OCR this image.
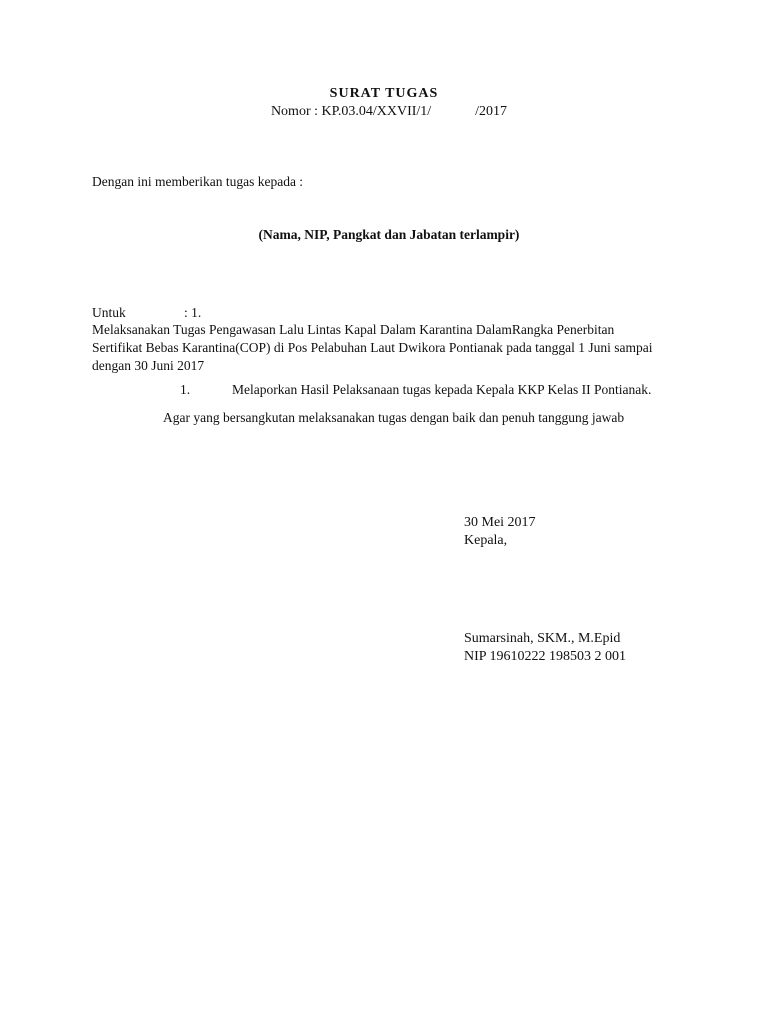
SURAT TUGAS
Nomor : KP.03.04/XXVII/1/	/2017
Dengan ini memberikan tugas kepada :
(Nama, NIP, Pangkat dan Jabatan terlampir)
Untuk	: 1.
Melaksanakan Tugas Pengawasan Lalu Lintas Kapal Dalam Karantina DalamRangka Penerbitan
Sertifikat Bebas Karantina(COP) di Pos Pelabuhan Laut Dwikora Pontianak pada tanggal 1 Juni sampai
dengan 30 Juni 2017
1.	Melaporkan Hasil Pelaksanaan tugas kepada Kepala KKP Kelas II Pontianak.
Agar yang bersangkutan melaksanakan tugas dengan baik dan penuh tanggung jawab
30 Mei 2017
Kepala,
Sumarsinah, SKM., M.Epid
NIP 19610222 198503 2 001
